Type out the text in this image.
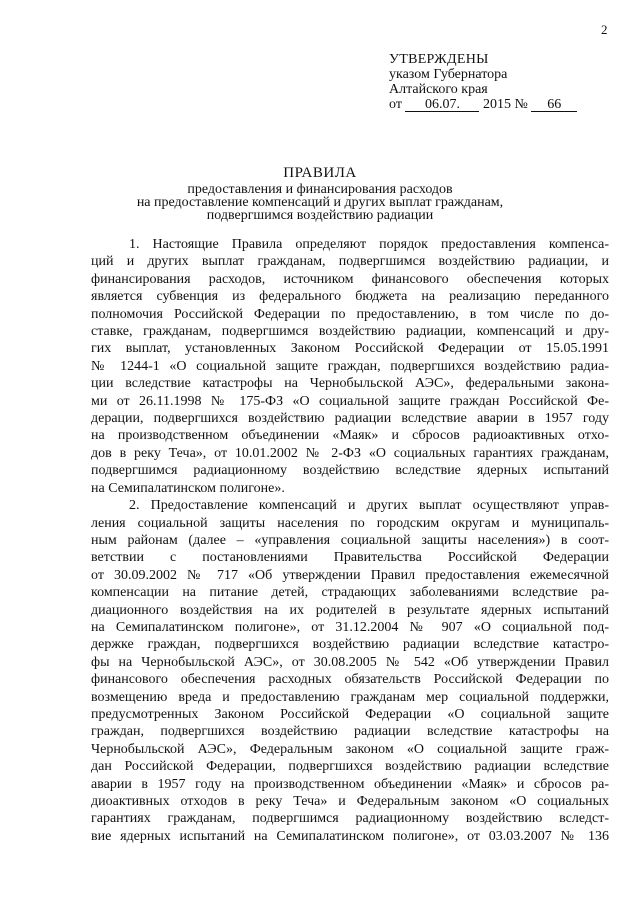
2
УТВЕРЖДЕНЫ
указом Губернатора
Алтайского края
от 06.07. 2015 № 66
ПРАВИЛА
предоставления и финансирования расходов
на предоставление компенсаций и других выплат гражданам,
подвергшимся воздействию радиации
1. Настоящие Правила определяют порядок предоставления компенса-
ций и других выплат гражданам, подвергшимся воздействию радиации, и
финансирования расходов, источником финансового обеспечения которых
является субвенция из федерального бюджета на реализацию переданного
полномочия Российской Федерации по предоставлению, в том числе по до-
ставке, гражданам, подвергшимся воздействию радиации, компенсаций и дру-
гих выплат, установленных Законом Российской Федерации от 15.05.1991
№ 1244-1 «О социальной защите граждан, подвергшихся воздействию радиа-
ции вследствие катастрофы на Чернобыльской АЭС», федеральными законa-
ми от 26.11.1998 № 175-ФЗ «О социальной защите граждан Российской Фе-
дерации, подвергшихся воздействию радиации вследствие аварии в 1957 году
на производственном объединении «Маяк» и сбросов радиоактивных отхо-
дов в реку Теча», от 10.01.2002 № 2-ФЗ «О социальных гарантиях гражданам,
подвергшимся радиационному воздействию вследствие ядерных испытаний
на Семипалатинском полигоне».
2. Предоставление компенсаций и других выплат осуществляют управ-
ления социальной защиты населения по городским округам и муниципаль-
ным районам (далее – «управления социальной защиты населения») в соот-
ветствии с постановлениями Правительства Российской Федерации
от 30.09.2002 № 717 «Об утверждении Правил предоставления ежемесячной
компенсации на питание детей, страдающих заболеваниями вследствие ра-
диационного воздействия на их родителей в результате ядерных испытаний
на Семипалатинском полигоне», от 31.12.2004 № 907 «О социальной под-
держке граждан, подвергшихся воздействию радиации вследствие катастро-
фы на Чернобыльской АЭС», от 30.08.2005 № 542 «Об утверждении Правил
финансового обеспечения расходных обязательств Российской Федерации по
возмещению вреда и предоставлению гражданам мер социальной поддержки,
предусмотренных Законом Российской Федерации «О социальной защите
граждан, подвергшихся воздействию радиации вследствие катастрофы на
Чернобыльской АЭС», Федеральным законом «О социальной защите граж-
дан Российской Федерации, подвергшихся воздействию радиации вследствие
аварии в 1957 году на производственном объединении «Маяк» и сбросов ра-
диоактивных отходов в реку Теча» и Федеральным законом «О социальных
гарантиях гражданам, подвергшимся радиационному воздействию вследст-
вие ядерных испытаний на Семипалатинском полигоне», от 03.03.2007 № 136
